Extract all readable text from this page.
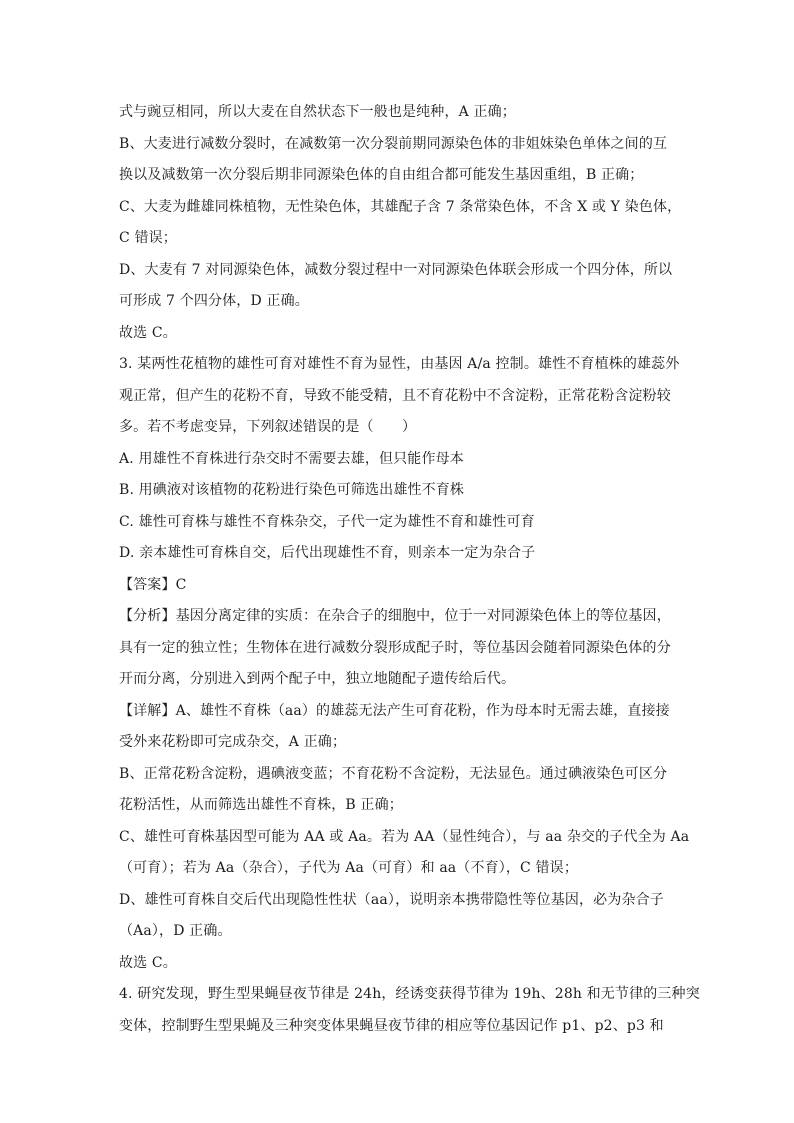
式与豌豆相同，所以大麦在自然状态下一般也是纯种，A 正确；
B、大麦进行减数分裂时，在减数第一次分裂前期同源染色体的非姐妹染色单体之间的互
换以及减数第一次分裂后期非同源染色体的自由组合都可能发生基因重组，B 正确；
C、大麦为雌雄同株植物，无性染色体，其雄配子含 7 条常染色体，不含 X 或 Y 染色体，
C 错误；
D、大麦有 7 对同源染色体，减数分裂过程中一对同源染色体联会形成一个四分体，所以
可形成 7 个四分体，D 正确。
故选 C。
3. 某两性花植物的雄性可育对雄性不育为显性，由基因 A/a 控制。雄性不育植株的雄蕊外
观正常，但产生的花粉不育，导致不能受精，且不育花粉中不含淀粉，正常花粉含淀粉较
多。若不考虑变异，下列叙述错误的是（　　）
A. 用雄性不育株进行杂交时不需要去雄，但只能作母本
B. 用碘液对该植物的花粉进行染色可筛选出雄性不育株
C. 雄性可育株与雄性不育株杂交，子代一定为雄性不育和雄性可育
D. 亲本雄性可育株自交，后代出现雄性不育，则亲本一定为杂合子
【答案】C
【分析】基因分离定律的实质：在杂合子的细胞中，位于一对同源染色体上的等位基因，
具有一定的独立性；生物体在进行减数分裂形成配子时，等位基因会随着同源染色体的分
开而分离，分别进入到两个配子中，独立地随配子遗传给后代。
【详解】A、雄性不育株（aa）的雄蕊无法产生可育花粉，作为母本时无需去雄，直接接
受外来花粉即可完成杂交，A 正确；
B、正常花粉含淀粉，遇碘液变蓝；不育花粉不含淀粉，无法显色。通过碘液染色可区分
花粉活性，从而筛选出雄性不育株，B 正确；
C、雄性可育株基因型可能为 AA 或 Aa。若为 AA（显性纯合），与 aa 杂交的子代全为 Aa
（可育）；若为 Aa（杂合），子代为 Aa（可育）和 aa（不育），C 错误；
D、雄性可育株自交后代出现隐性性状（aa），说明亲本携带隐性等位基因，必为杂合子
（Aa），D 正确。
故选 C。
4. 研究发现，野生型果蝇昼夜节律是 24h，经诱变获得节律为 19h、28h 和无节律的三种突
变体，控制野生型果蝇及三种突变体果蝇昼夜节律的相应等位基因记作 p1、p2、p3 和
